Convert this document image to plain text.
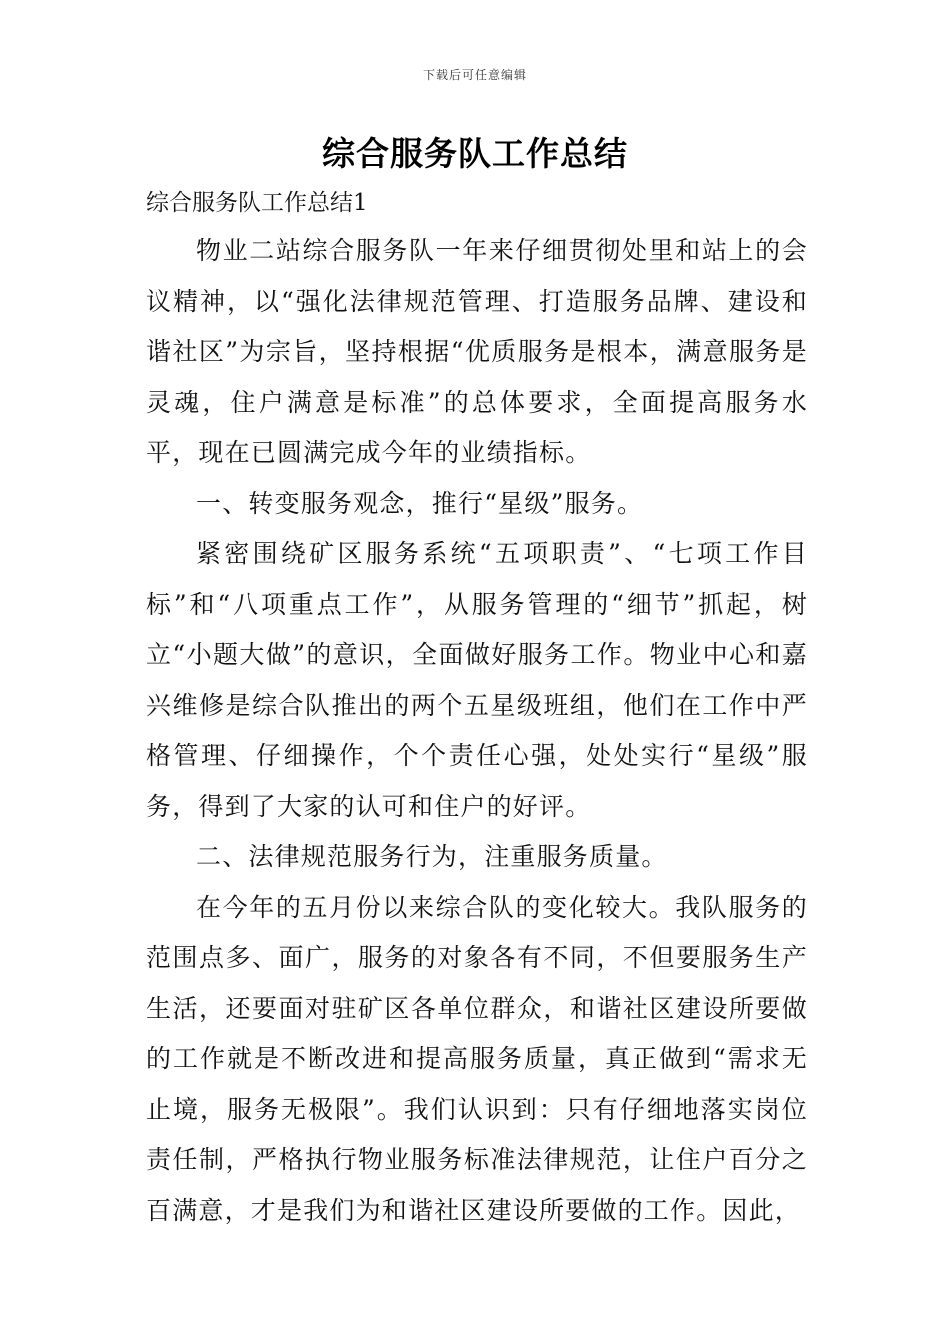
下载后可任意编辑
综合服务队工作总结
综合服务队工作总结1

物业二站综合服务队一年来仔细贯彻处里和站上的会议精神，以“强化法律规范管理、打造服务品牌、建设和谐社区”为宗旨，坚持根据“优质服务是根本，满意服务是灵魂，住户满意是标准”的总体要求，全面提高服务水平，现在已圆满完成今年的业绩指标。

一、转变服务观念，推行“星级”服务。

紧密围绕矿区服务系统“五项职责”、“七项工作目标”和“八项重点工作”，从服务管理的“细节”抓起，树立“小题大做”的意识，全面做好服务工作。物业中心和嘉兴维修是综合队推出的两个五星级班组，他们在工作中严格管理、仔细操作，个个责任心强，处处实行“星级”服务，得到了大家的认可和住户的好评。

二、法律规范服务行为，注重服务质量。

在今年的五月份以来综合队的变化较大。我队服务的范围点多、面广，服务的对象各有不同，不但要服务生产生活，还要面对驻矿区各单位群众，和谐社区建设所要做的工作就是不断改进和提高服务质量，真正做到“需求无止境，服务无极限”。我们认识到：只有仔细地落实岗位责任制，严格执行物业服务标准法律规范，让住户百分之百满意，才是我们为和谐社区建设所要做的工作。因此，
